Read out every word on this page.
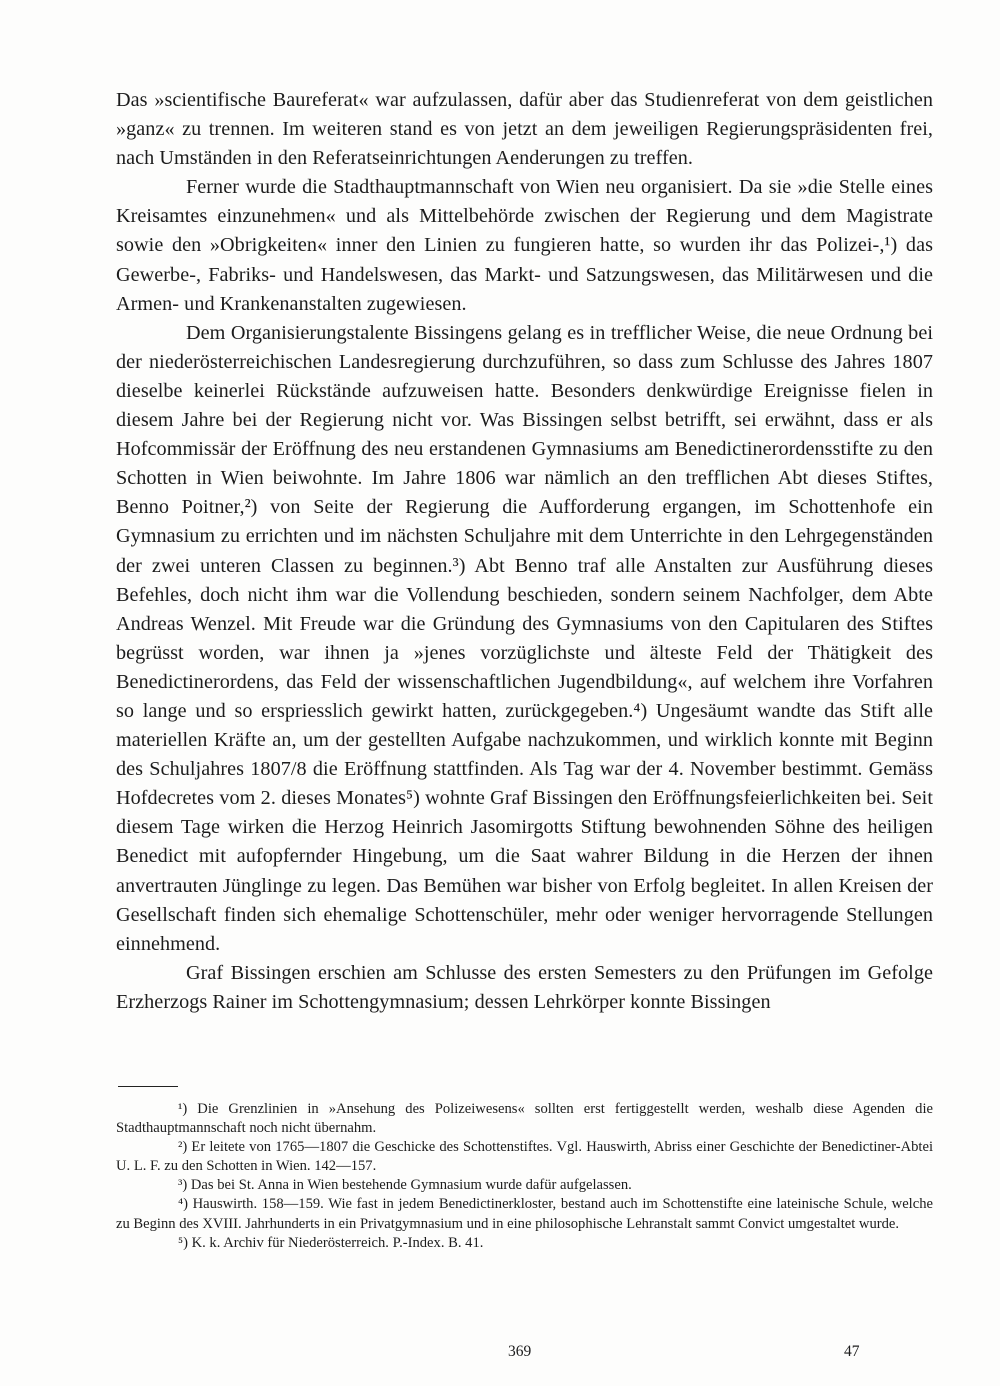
Das »scientifische Baureferat« war aufzulassen, dafür aber das Studienreferat von dem geistlichen »ganz« zu trennen. Im weiteren stand es von jetzt an dem jeweiligen Regierungspräsidenten frei, nach Umständen in den Referatseinrichtungen Aenderungen zu treffen.

Ferner wurde die Stadthauptmannschaft von Wien neu organisiert. Da sie »die Stelle eines Kreisamtes einzunehmen« und als Mittelbehörde zwischen der Regierung und dem Magistrate sowie den »Obrigkeiten« inner den Linien zu fungieren hatte, so wurden ihr das Polizei-,¹) das Gewerbe-, Fabriks- und Handelswesen, das Markt- und Satzungswesen, das Militärwesen und die Armen- und Krankenanstalten zugewiesen.

Dem Organisierungstalente Bissingens gelang es in trefflicher Weise, die neue Ordnung bei der niederösterreichischen Landesregierung durchzuführen, so dass zum Schlusse des Jahres 1807 dieselbe keinerlei Rückstände aufzuweisen hatte. Besonders denkwürdige Ereignisse fielen in diesem Jahre bei der Regierung nicht vor. Was Bissingen selbst betrifft, sei erwähnt, dass er als Hofcommissär der Eröffnung des neu erstandenen Gymnasiums am Benedictinerordensstifte zu den Schotten in Wien beiwohnte. Im Jahre 1806 war nämlich an den trefflichen Abt dieses Stiftes, Benno Poitner,²) von Seite der Regierung die Aufforderung ergangen, im Schottenhofe ein Gymnasium zu errichten und im nächsten Schuljahre mit dem Unterrichte in den Lehrgegenständen der zwei unteren Classen zu beginnen.³) Abt Benno traf alle Anstalten zur Ausführung dieses Befehles, doch nicht ihm war die Vollendung beschieden, sondern seinem Nachfolger, dem Abte Andreas Wenzel. Mit Freude war die Gründung des Gymnasiums von den Capitularen des Stiftes begrüsst worden, war ihnen ja »jenes vorzüglichste und älteste Feld der Thätigkeit des Benedictinerordens, das Feld der wissenschaftlichen Jugendbildung«, auf welchem ihre Vorfahren so lange und so erspriesslich gewirkt hatten, zurückgegeben.⁴) Ungesäumt wandte das Stift alle materiellen Kräfte an, um der gestellten Aufgabe nachzukommen, und wirklich konnte mit Beginn des Schuljahres 1807/8 die Eröffnung stattfinden. Als Tag war der 4. November bestimmt. Gemäss Hofdecretes vom 2. dieses Monates⁵) wohnte Graf Bissingen den Eröffnungsfeierlichkeiten bei. Seit diesem Tage wirken die Herzog Heinrich Jasomirgotts Stiftung bewohnenden Söhne des heiligen Benedict mit aufopfernder Hingebung, um die Saat wahrer Bildung in die Herzen der ihnen anvertrauten Jünglinge zu legen. Das Bemühen war bisher von Erfolg begleitet. In allen Kreisen der Gesellschaft finden sich ehemalige Schottenschüler, mehr oder weniger hervorragende Stellungen einnehmend.

Graf Bissingen erschien am Schlusse des ersten Semesters zu den Prüfungen im Gefolge Erzherzogs Rainer im Schottengymnasium; dessen Lehrkörper konnte Bissingen

¹) Die Grenzlinien in »Ansehung des Polizeiwesens« sollten erst fertiggestellt werden, weshalb diese Agenden die Stadthauptmannschaft noch nicht übernahm.

²) Er leitete von 1765—1807 die Geschicke des Schottenstiftes. Vgl. Hauswirth, Abriss einer Geschichte der Benedictiner-Abtei U. L. F. zu den Schotten in Wien. 142—157.

³) Das bei St. Anna in Wien bestehende Gymnasium wurde dafür aufgelassen.

⁴) Hauswirth. 158—159. Wie fast in jedem Benedictinerkloster, bestand auch im Schottenstifte eine lateinische Schule, welche zu Beginn des XVIII. Jahrhunderts in ein Privatgymnasium und in eine philosophische Lehranstalt sammt Convict umgestaltet wurde.

⁵) K. k. Archiv für Niederösterreich. P.-Index. B. 41.

369	47
